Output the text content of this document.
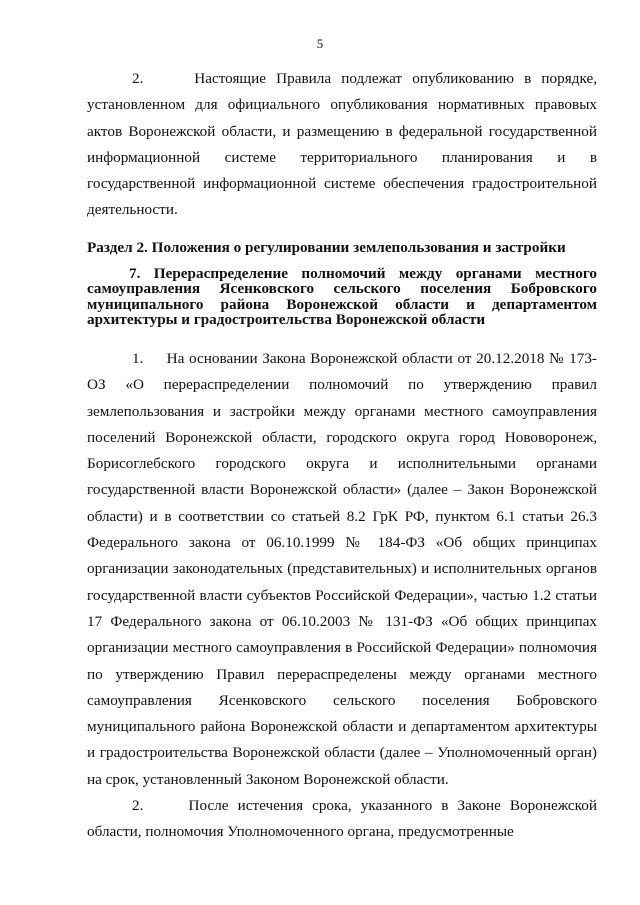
5

2.     Настоящие Правила подлежат опубликованию в порядке, установленном для официального опубликования нормативных правовых актов Воронежской области, и размещению в федеральной государственной информационной системе территориального планирования и в государственной информационной системе обеспечения градостроительной деятельности.

Раздел 2. Положения о регулировании землепользования и застройки

7. Перераспределение полномочий между органами местного самоуправления Ясенковского сельского поселения Бобровского муниципального района Воронежской области и департаментом архитектуры и градостроительства Воронежской области

1.     На основании Закона Воронежской области от 20.12.2018 № 173-ОЗ «О перераспределении полномочий по утверждению правил землепользования и застройки между органами местного самоуправления поселений Воронежской области, городского округа город Нововоронеж, Борисоглебского городского округа и исполнительными органами государственной власти Воронежской области» (далее – Закон Воронежской области) и в соответствии со статьей 8.2 ГрК РФ, пунктом 6.1 статьи 26.3 Федерального закона от 06.10.1999 № 184-ФЗ «Об общих принципах организации законодательных (представительных) и исполнительных органов государственной власти субъектов Российской Федерации», частью 1.2 статьи 17 Федерального закона от 06.10.2003 № 131-ФЗ «Об общих принципах организации местного самоуправления в Российской Федерации» полномочия по утверждению Правил перераспределены между органами местного самоуправления Ясенковского сельского поселения Бобровского муниципального района Воронежской области и департаментом архитектуры и градостроительства Воронежской области (далее – Уполномоченный орган) на срок, установленный Законом Воронежской области.

2.     После истечения срока, указанного в Законе Воронежской области, полномочия Уполномоченного органа, предусмотренные
